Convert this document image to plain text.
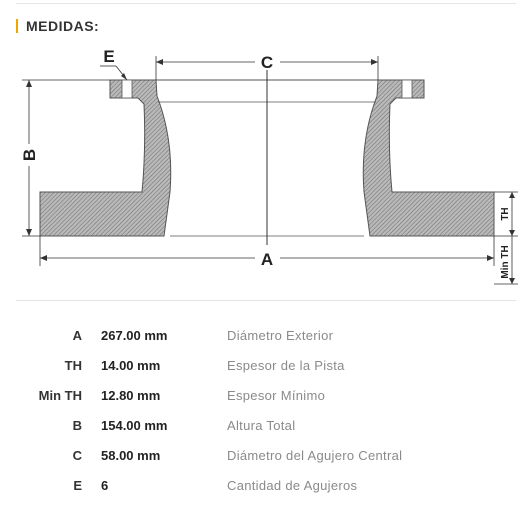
MEDIDAS:
C
E
B
A
TH
Min TH
A 267.00 mm	Diámetro Exterior
TH 14.00 mm	Espesor de la Pista
Min TH 12.80 mm	Espesor Mínimo
B 154.00 mm	Altura Total
C 58.00 mm	Diámetro del Agujero Central
E 6	Cantidad de Agujeros
